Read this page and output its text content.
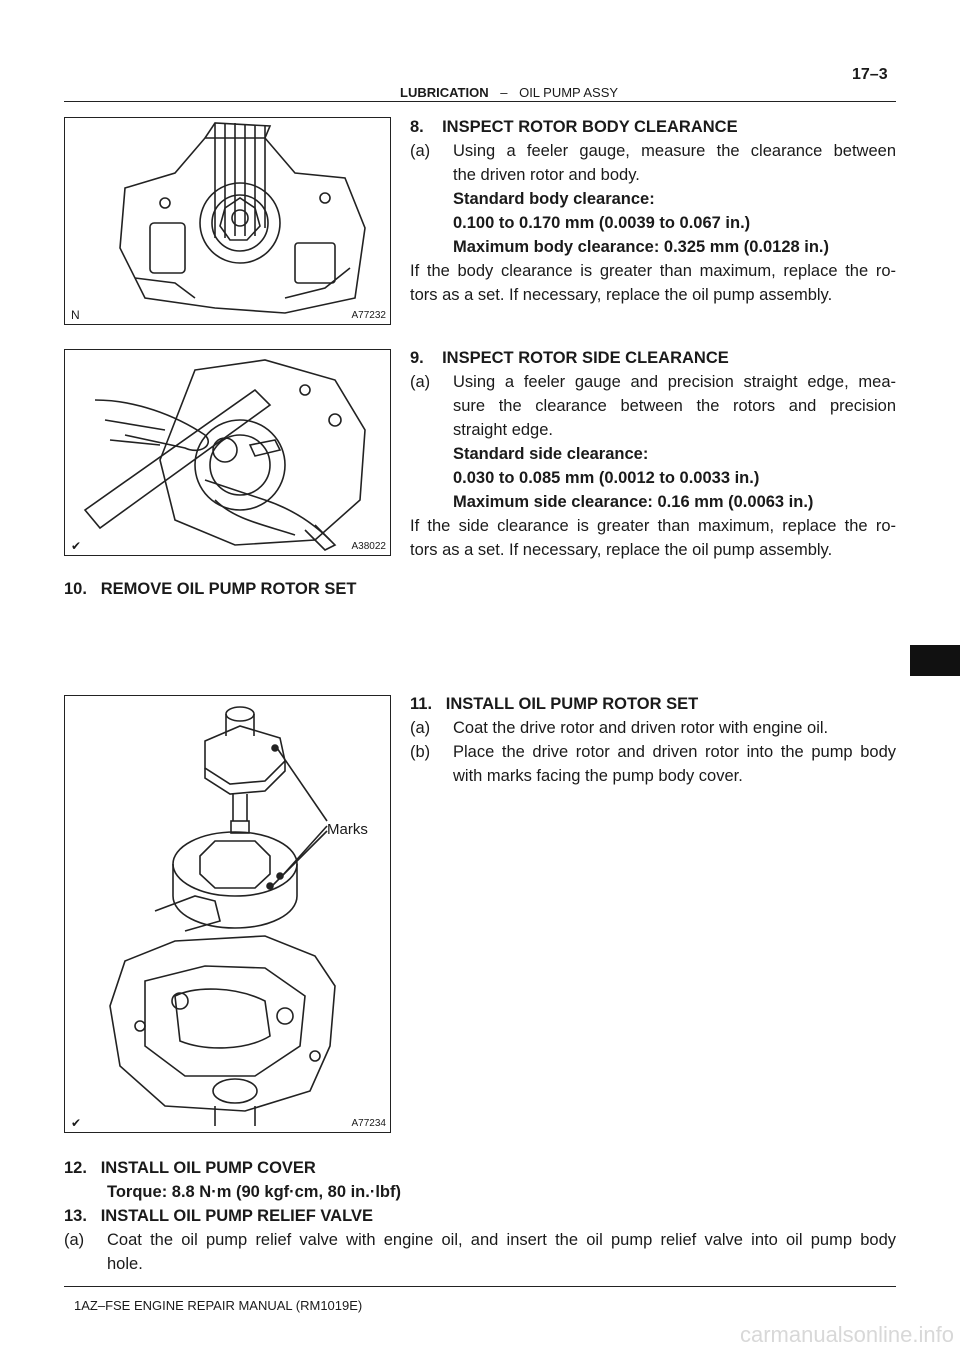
LUBRICATION – OIL PUMP ASSY
17–3
N	A77232
8.    INSPECT ROTOR BODY CLEARANCE
(a) Using a feeler gauge, measure the clearance between
the driven rotor and body.
Standard body clearance:
0.100 to 0.170 mm (0.0039 to 0.067 in.)
Maximum body clearance: 0.325 mm (0.0128 in.)
If the body clearance is greater than maximum, replace the ro-
tors as a set. If necessary, replace the oil pump assembly.
✔	A38022
9.    INSPECT ROTOR SIDE CLEARANCE
(a) Using a feeler gauge and precision straight edge, mea-
sure the clearance between the rotors and precision
straight edge.
Standard side clearance:
0.030 to 0.085 mm (0.0012 to 0.0033 in.)
Maximum side clearance: 0.16 mm (0.0063 in.)
If the side clearance is greater than maximum, replace the ro-
tors as a set. If necessary, replace the oil pump assembly.
10.   REMOVE OIL PUMP ROTOR SET
Marks
✔	A77234
11.   INSTALL OIL PUMP ROTOR SET
(a) Coat the drive rotor and driven rotor with engine oil.
(b) Place the drive rotor and driven rotor into the pump body
with marks facing the pump body cover.
12.   INSTALL OIL PUMP COVER
Torque: 8.8 N·m (90 kgf·cm, 80 in.·lbf)
13.   INSTALL OIL PUMP RELIEF VALVE
(a) Coat the oil pump relief valve with engine oil, and insert the oil pump relief valve into oil pump body
hole.
1AZ–FSE ENGINE REPAIR MANUAL (RM1019E)
carmanualsonline.info
